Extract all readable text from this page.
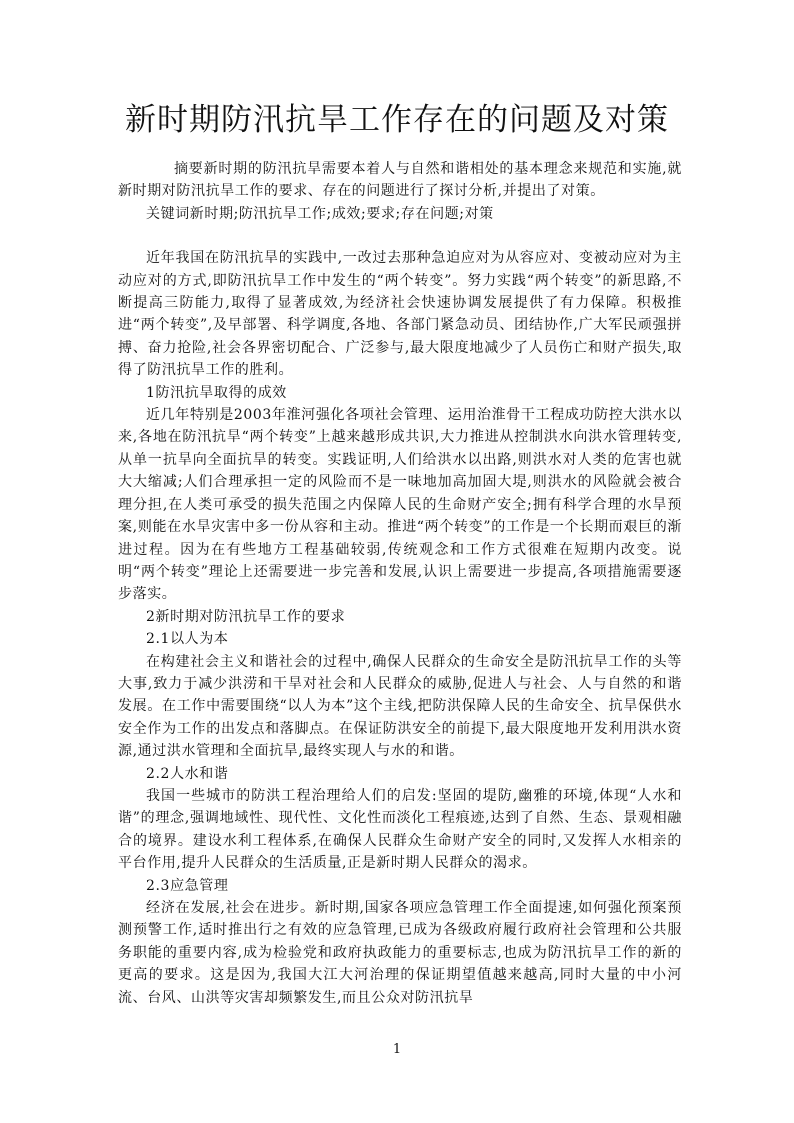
新时期防汛抗旱工作存在的问题及对策

摘要新时期的防汛抗旱需要本着人与自然和谐相处的基本理念来规范和实施,就新时期对防汛抗旱工作的要求、存在的问题进行了探讨分析,并提出了对策。

关键词新时期;防汛抗旱工作;成效;要求;存在问题;对策

近年我国在防汛抗旱的实践中,一改过去那种急迫应对为从容应对、变被动应对为主动应对的方式,即防汛抗旱工作中发生的“两个转变”。努力实践“两个转变”的新思路,不断提高三防能力,取得了显著成效,为经济社会快速协调发展提供了有力保障。积极推进“两个转变”,及早部署、科学调度,各地、各部门紧急动员、团结协作,广大军民顽强拼搏、奋力抢险,社会各界密切配合、广泛参与,最大限度地减少了人员伤亡和财产损失,取得了防汛抗旱工作的胜利。

1防汛抗旱取得的成效

近几年特别是2003年淮河强化各项社会管理、运用治淮骨干工程成功防控大洪水以来,各地在防汛抗旱“两个转变”上越来越形成共识,大力推进从控制洪水向洪水管理转变,从单一抗旱向全面抗旱的转变。实践证明,人们给洪水以出路,则洪水对人类的危害也就大大缩减;人们合理承担一定的风险而不是一味地加高加固大堤,则洪水的风险就会被合理分担,在人类可承受的损失范围之内保障人民的生命财产安全;拥有科学合理的水旱预案,则能在水旱灾害中多一份从容和主动。推进“两个转变”的工作是一个长期而艰巨的渐进过程。因为在有些地方工程基础较弱,传统观念和工作方式很难在短期内改变。说明“两个转变”理论上还需要进一步完善和发展,认识上需要进一步提高,各项措施需要逐步落实。

2新时期对防汛抗旱工作的要求

2.1以人为本

在构建社会主义和谐社会的过程中,确保人民群众的生命安全是防汛抗旱工作的头等大事,致力于减少洪涝和干旱对社会和人民群众的威胁,促进人与社会、人与自然的和谐发展。在工作中需要围绕“以人为本”这个主线,把防洪保障人民的生命安全、抗旱保供水安全作为工作的出发点和落脚点。在保证防洪安全的前提下,最大限度地开发利用洪水资源,通过洪水管理和全面抗旱,最终实现人与水的和谐。

2.2人水和谐

我国一些城市的防洪工程治理给人们的启发:坚固的堤防,幽雅的环境,体现“人水和谐”的理念,强调地域性、现代性、文化性而淡化工程痕迹,达到了自然、生态、景观相融合的境界。建设水利工程体系,在确保人民群众生命财产安全的同时,又发挥人水相亲的平台作用,提升人民群众的生活质量,正是新时期人民群众的渴求。

2.3应急管理

经济在发展,社会在进步。新时期,国家各项应急管理工作全面提速,如何强化预案预测预警工作,适时推出行之有效的应急管理,已成为各级政府履行政府社会管理和公共服务职能的重要内容,成为检验党和政府执政能力的重要标志,也成为防汛抗旱工作的新的更高的要求。这是因为,我国大江大河治理的保证期望值越来越高,同时大量的中小河流、台风、山洪等灾害却频繁发生,而且公众对防汛抗旱

1
